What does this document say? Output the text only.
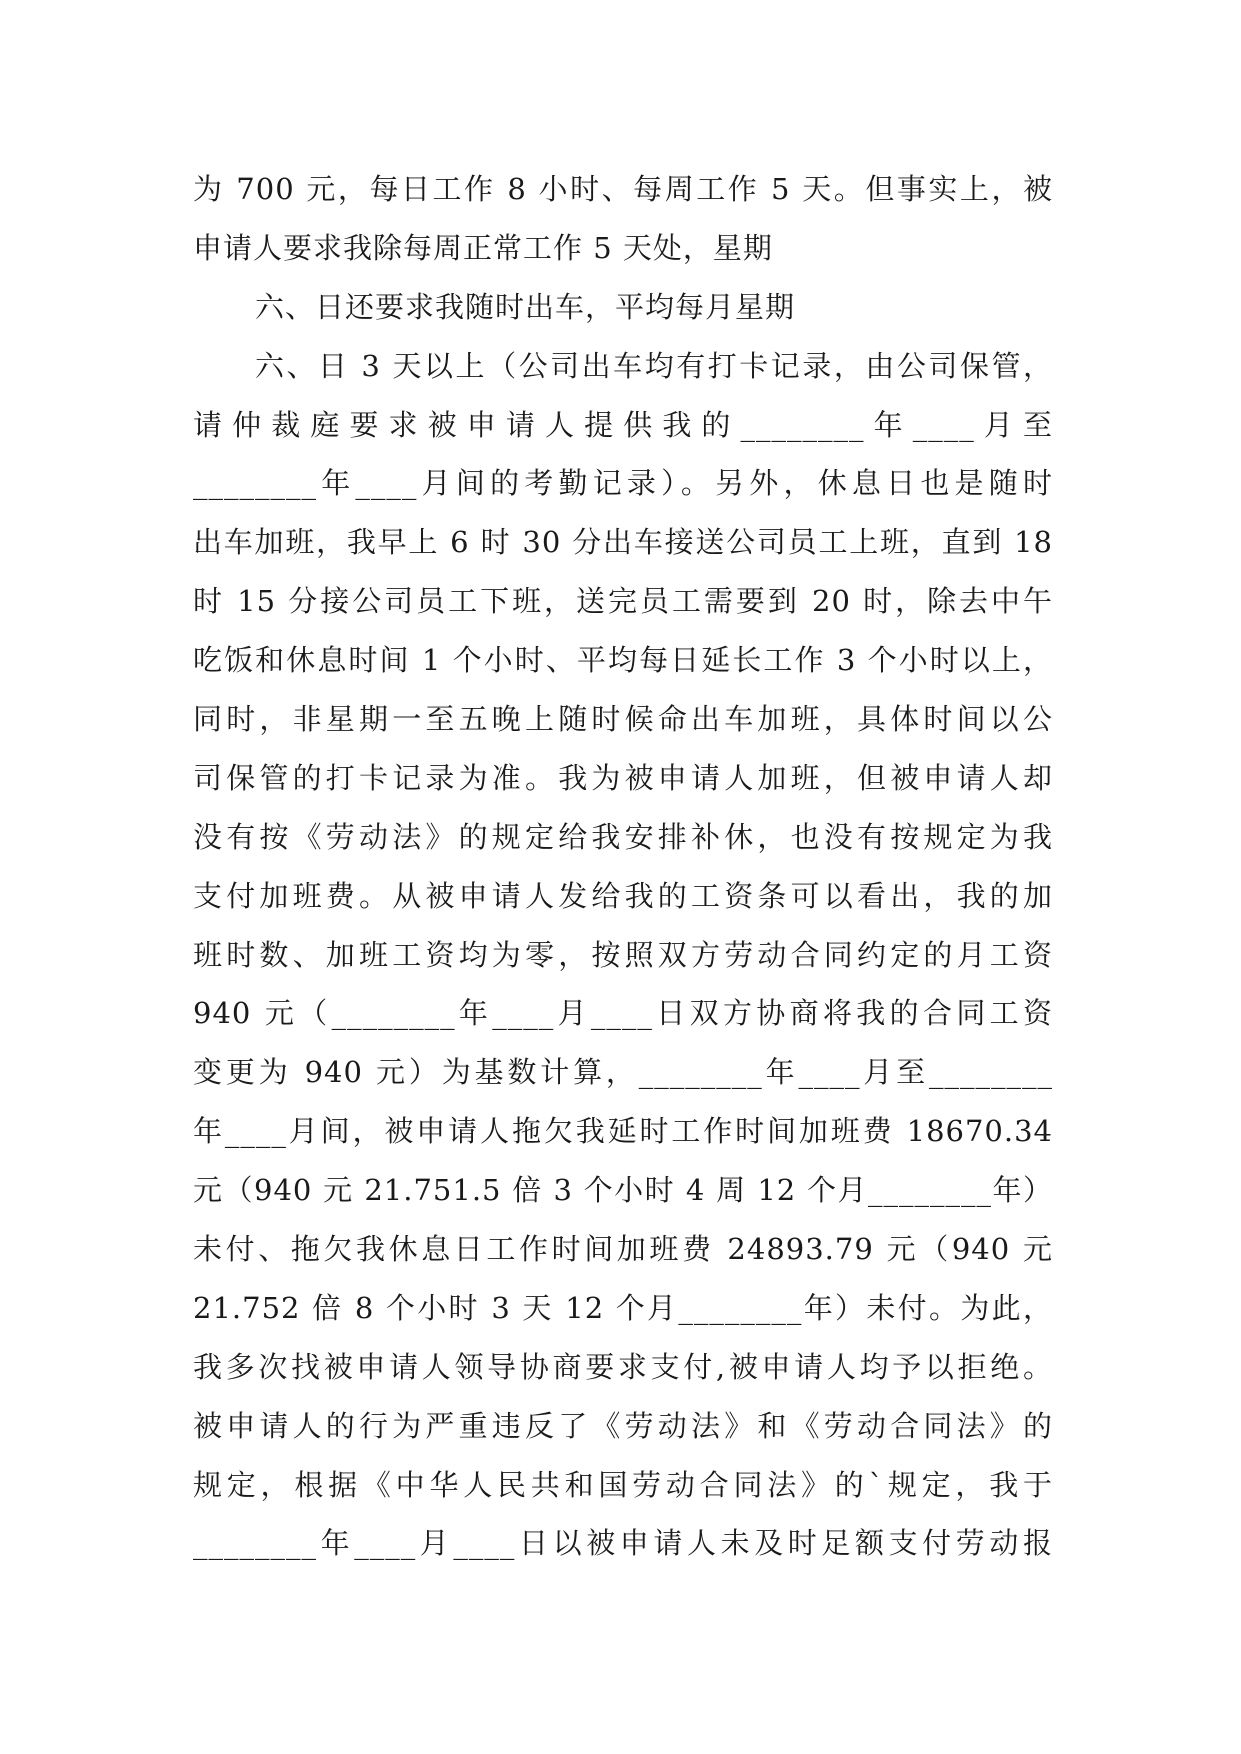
为 700 元，每日工作 8 小时、每周工作 5 天。但事实上，被
申请人要求我除每周正常工作 5 天处，星期
六、日还要求我随时出车，平均每月星期
六、日 3 天以上（公司出车均有打卡记录，由公司保管，
请仲裁庭要求被申请人提供我的________年____月至
________年____月间的考勤记录）。另外，休息日也是随时
出车加班，我早上 6 时 30 分出车接送公司员工上班，直到 18
时 15 分接公司员工下班，送完员工需要到 20 时，除去中午
吃饭和休息时间 1 个小时、平均每日延长工作 3 个小时以上，
同时，非星期一至五晚上随时候命出车加班，具体时间以公
司保管的打卡记录为准。我为被申请人加班，但被申请人却
没有按《劳动法》的规定给我安排补休，也没有按规定为我
支付加班费。从被申请人发给我的工资条可以看出，我的加
班时数、加班工资均为零，按照双方劳动合同约定的月工资
940 元（________年____月____日双方协商将我的合同工资
变更为 940 元）为基数计算，________年____月至________
年____月间，被申请人拖欠我延时工作时间加班费 18670.34
元（940 元 21.751.5 倍 3 个小时 4 周 12 个月________年）
未付、拖欠我休息日工作时间加班费 24893.79 元（940 元
21.752 倍 8 个小时 3 天 12 个月________年）未付。为此，
我多次找被申请人领导协商要求支付,被申请人均予以拒绝。
被申请人的行为严重违反了《劳动法》和《劳动合同法》的
规定，根据《中华人民共和国劳动合同法》的`规定，我于
________年____月____日以被申请人未及时足额支付劳动报
